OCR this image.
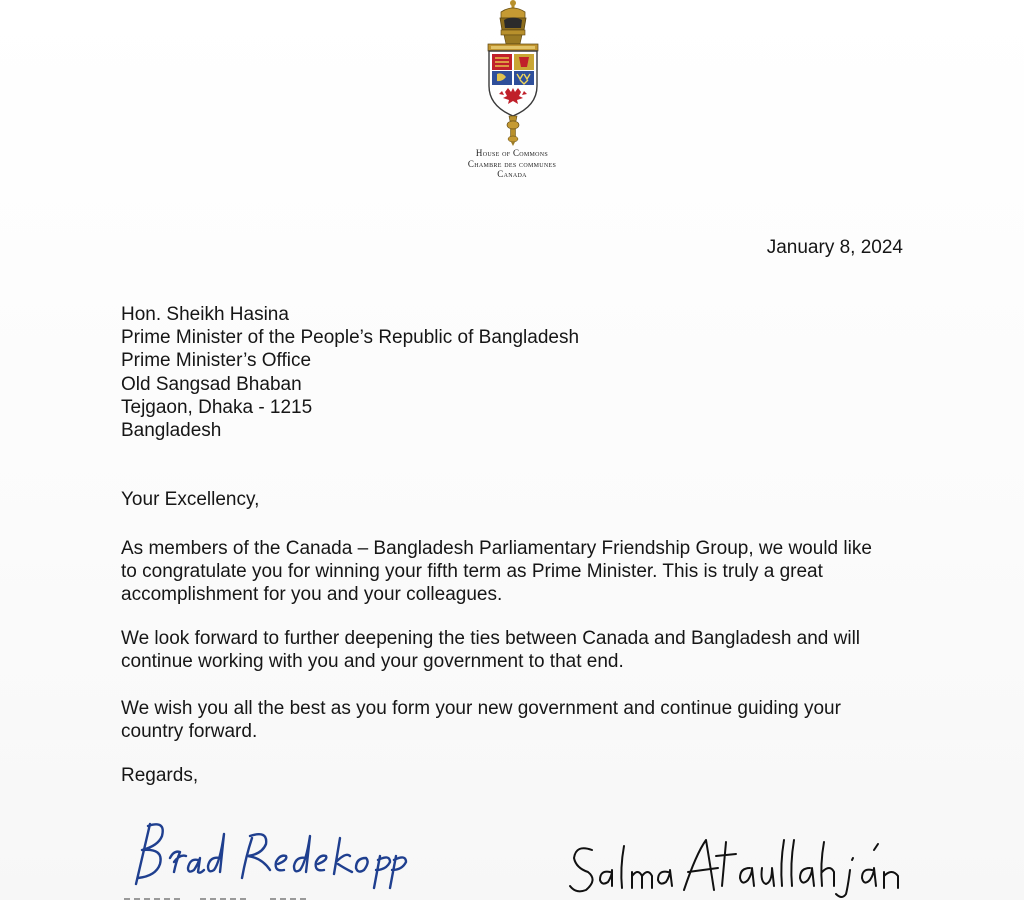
House of Commons
Chambre des communes
Canada
January 8, 2024
Hon. Sheikh Hasina
Prime Minister of the People’s Republic of Bangladesh
Prime Minister’s Office
Old Sangsad Bhaban
Tejgaon, Dhaka - 1215
Bangladesh
Your Excellency,
As members of the Canada – Bangladesh Parliamentary Friendship Group, we would like
to congratulate you for winning your fifth term as Prime Minister. This is truly a great
accomplishment for you and your colleagues.
We look forward to further deepening the ties between Canada and Bangladesh and will
continue working with you and your government to that end.
We wish you all the best as you form your new government and continue guiding your
country forward.
Regards,
